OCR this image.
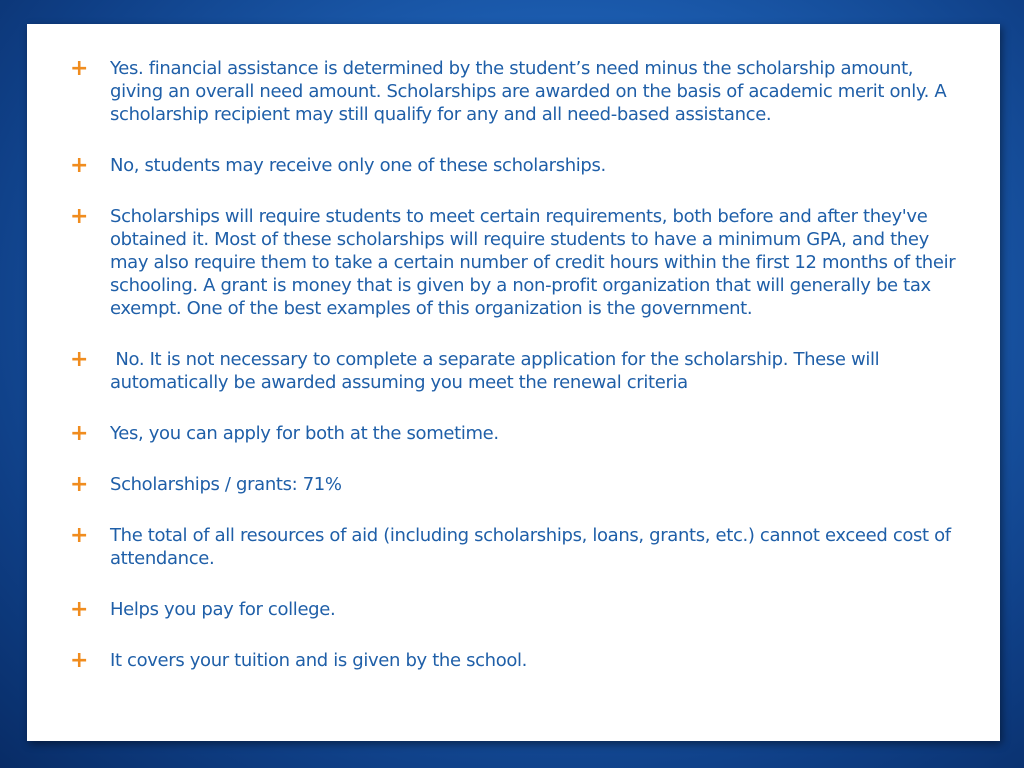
+ Yes. financial assistance is determined by the student’s need minus the scholarship amount, giving an overall need amount. Scholarships are awarded on the basis of academic merit only. A scholarship recipient may still qualify for any and all need-based assistance.
+ No, students may receive only one of these scholarships.
+ Scholarships will require students to meet certain requirements, both before and after they've obtained it. Most of these scholarships will require students to have a minimum GPA, and they may also require them to take a certain number of credit hours within the first 12 months of their schooling. A grant is money that is given by a non-profit organization that will generally be tax exempt. One of the best examples of this organization is the government.
+ No. It is not necessary to complete a separate application for the scholarship. These will automatically be awarded assuming you meet the renewal criteria
+ Yes, you can apply for both at the sometime.
+ Scholarships / grants: 71%
+ The total of all resources of aid (including scholarships, loans, grants, etc.) cannot exceed cost of attendance.
+ Helps you pay for college.
+ It covers your tuition and is given by the school.
